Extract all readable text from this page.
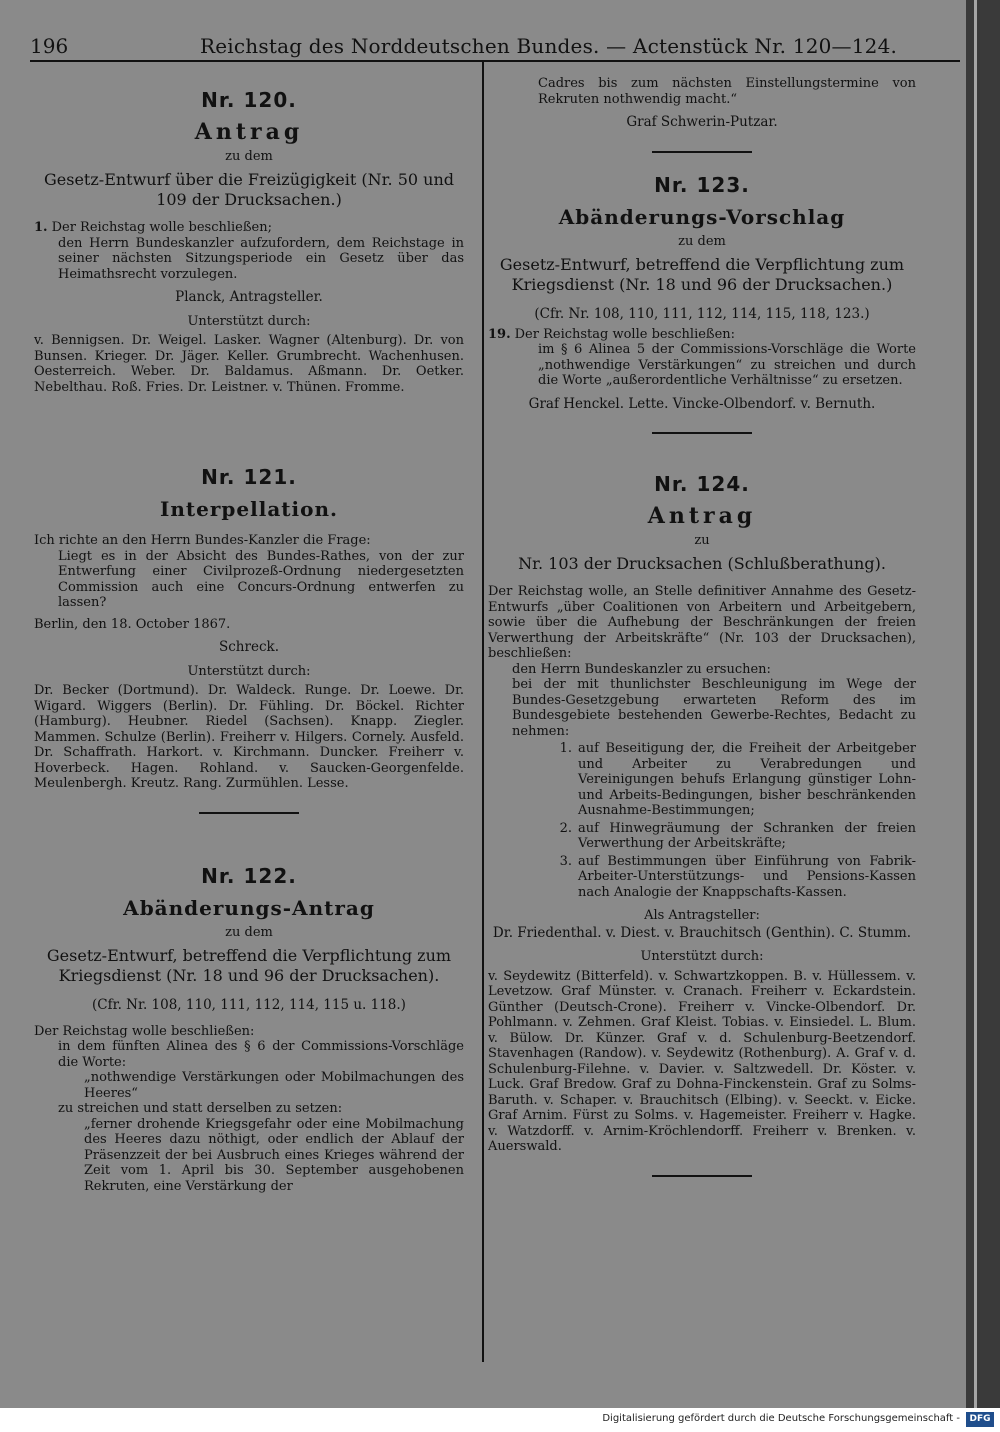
196	Reichstag des Norddeutschen Bundes. — Actenstück Nr. 120—124.
Nr. 120.
Antrag
zu dem
Gesetz-Entwurf über die Freizügigkeit (Nr. 50 und 109 der Drucksachen.)
1. Der Reichstag wolle beschließen;
den Herrn Bundeskanzler aufzufordern, dem Reichstage in seiner nächsten Sitzungsperiode ein Gesetz über das Heimathsrecht vorzulegen.
Planck, Antragsteller.
Unterstützt durch:
v. Bennigsen. Dr. Weigel. Lasker. Wagner (Altenburg). Dr. von Bunsen. Krieger. Dr. Jäger. Keller. Grumbrecht. Wachenhusen. Oesterreich. Weber. Dr. Baldamus. Aßmann. Dr. Oetker. Nebelthau. Roß. Fries. Dr. Leistner. v. Thünen. Fromme.
Nr. 121.
Interpellation.
Ich richte an den Herrn Bundes-Kanzler die Frage:
Liegt es in der Absicht des Bundes-Rathes, von der zur Entwerfung einer Civilprozeß-Ordnung niedergesetzten Commission auch eine Concurs-Ordnung entwerfen zu lassen?
Berlin, den 18. October 1867.
Schreck.
Unterstützt durch:
Dr. Becker (Dortmund). Dr. Waldeck. Runge. Dr. Loewe. Dr. Wigard. Wiggers (Berlin). Dr. Fühling. Dr. Böckel. Richter (Hamburg). Heubner. Riedel (Sachsen). Knapp. Ziegler. Mammen. Schulze (Berlin). Freiherr v. Hilgers. Cornely. Ausfeld. Dr. Schaffrath. Harkort. v. Kirchmann. Duncker. Freiherr v. Hoverbeck. Hagen. Rohland. v. Saucken-Georgenfelde. Meulenbergh. Kreutz. Rang. Zurmühlen. Lesse.
Nr. 122.
Abänderungs-Antrag
zu dem
Gesetz-Entwurf, betreffend die Verpflichtung zum Kriegsdienst (Nr. 18 und 96 der Drucksachen).
(Cfr. Nr. 108, 110, 111, 112, 114, 115 u. 118.)
Der Reichstag wolle beschließen:
in dem fünften Alinea des § 6 der Commissions-Vorschläge die Worte:
„nothwendige Verstärkungen oder Mobilmachungen des Heeres“
zu streichen und statt derselben zu setzen:
„ferner drohende Kriegsgefahr oder eine Mobilmachung des Heeres dazu nöthigt, oder endlich der Ablauf der Präsenzzeit der bei Ausbruch eines Krieges während der Zeit vom 1. April bis 30. September ausgehobenen Rekruten, eine Verstärkung der
Cadres bis zum nächsten Einstellungstermine von Rekruten nothwendig macht.“
Graf Schwerin-Putzar.
Nr. 123.
Abänderungs-Vorschlag
zu dem
Gesetz-Entwurf, betreffend die Verpflichtung zum Kriegsdienst (Nr. 18 und 96 der Drucksachen.)
(Cfr. Nr. 108, 110, 111, 112, 114, 115, 118, 123.)
19. Der Reichstag wolle beschließen:
im § 6 Alinea 5 der Commissions-Vorschläge die Worte „nothwendige Verstärkungen“ zu streichen und durch die Worte „außerordentliche Verhältnisse“ zu ersetzen.
Graf Henckel. Lette. Vincke-Olbendorf. v. Bernuth.
Nr. 124.
Antrag
zu
Nr. 103 der Drucksachen (Schlußberathung).
Der Reichstag wolle, an Stelle definitiver Annahme des Gesetz-Entwurfs „über Coalitionen von Arbeitern und Arbeitgebern, sowie über die Aufhebung der Beschränkungen der freien Verwerthung der Arbeitskräfte“ (Nr. 103 der Drucksachen), beschließen:
den Herrn Bundeskanzler zu ersuchen:
bei der mit thunlichster Beschleunigung im Wege der Bundes-Gesetzgebung erwarteten Reform des im Bundesgebiete bestehenden Gewerbe-Rechtes, Bedacht zu nehmen:
1. auf Beseitigung der, die Freiheit der Arbeitgeber und Arbeiter zu Verabredungen und Vereinigungen behufs Erlangung günstiger Lohn- und Arbeits-Bedingungen, bisher beschränkenden Ausnahme-Bestimmungen;
2. auf Hinwegräumung der Schranken der freien Verwerthung der Arbeitskräfte;
3. auf Bestimmungen über Einführung von Fabrik-Arbeiter-Unterstützungs- und Pensions-Kassen nach Analogie der Knappschafts-Kassen.
Als Antragsteller:
Dr. Friedenthal. v. Diest. v. Brauchitsch (Genthin). C. Stumm.
Unterstützt durch:
v. Seydewitz (Bitterfeld). v. Schwartzkoppen. B. v. Hüllessem. v. Levetzow. Graf Münster. v. Cranach. Freiherr v. Eckardstein. Günther (Deutsch-Crone). Freiherr v. Vincke-Olbendorf. Dr. Pohlmann. v. Zehmen. Graf Kleist. Tobias. v. Einsiedel. L. Blum. v. Bülow. Dr. Künzer. Graf v. d. Schulenburg-Beetzendorf. Stavenhagen (Randow). v. Seydewitz (Rothenburg). A. Graf v. d. Schulenburg-Filehne. v. Davier. v. Saltzwedell. Dr. Köster. v. Luck. Graf Bredow. Graf zu Dohna-Finckenstein. Graf zu Solms-Baruth. v. Schaper. v. Brauchitsch (Elbing). v. Seeckt. v. Eicke. Graf Arnim. Fürst zu Solms. v. Hagemeister. Freiherr v. Hagke. v. Watzdorff. v. Arnim-Kröchlendorff. Freiherr v. Brenken. v. Auerswald.
Digitalisierung gefördert durch die Deutsche Forschungsgemeinschaft -	DFG
